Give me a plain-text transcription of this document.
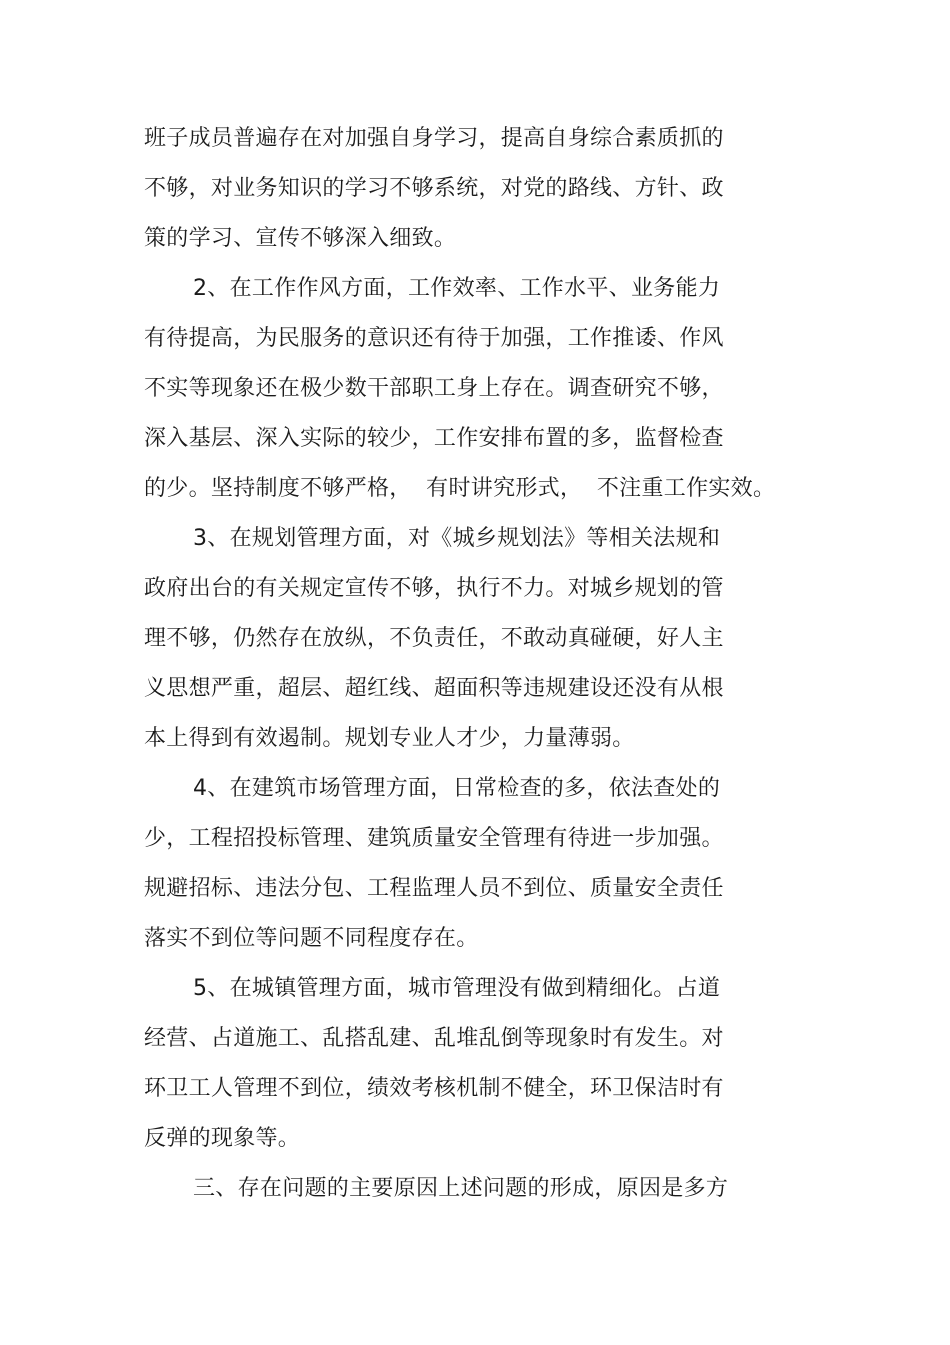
班子成员普遍存在对加强自身学习，提高自身综合素质抓的

不够，对业务知识的学习不够系统，对党的路线、方针、政

策的学习、宣传不够深入细致。

2、在工作作风方面，工作效率、工作水平、业务能力

有待提高，为民服务的意识还有待于加强，工作推诿、作风

不实等现象还在极少数干部职工身上存在。调查研究不够，

深入基层、深入实际的较少，工作安排布置的多，监督检查

的少。坚持制度不够严格，  有时讲究形式，  不注重工作实效。

3、在规划管理方面，对《城乡规划法》等相关法规和

政府出台的有关规定宣传不够，执行不力。对城乡规划的管

理不够，仍然存在放纵，不负责任，不敢动真碰硬，好人主

义思想严重，超层、超红线、超面积等违规建设还没有从根

本上得到有效遏制。规划专业人才少，力量薄弱。

4、在建筑市场管理方面，日常检查的多，依法查处的

少，工程招投标管理、建筑质量安全管理有待进一步加强。

规避招标、违法分包、工程监理人员不到位、质量安全责任

落实不到位等问题不同程度存在。

5、在城镇管理方面，城市管理没有做到精细化。占道

经营、占道施工、乱搭乱建、乱堆乱倒等现象时有发生。对

环卫工人管理不到位，绩效考核机制不健全，环卫保洁时有

反弹的现象等。

三、存在问题的主要原因上述问题的形成，原因是多方
